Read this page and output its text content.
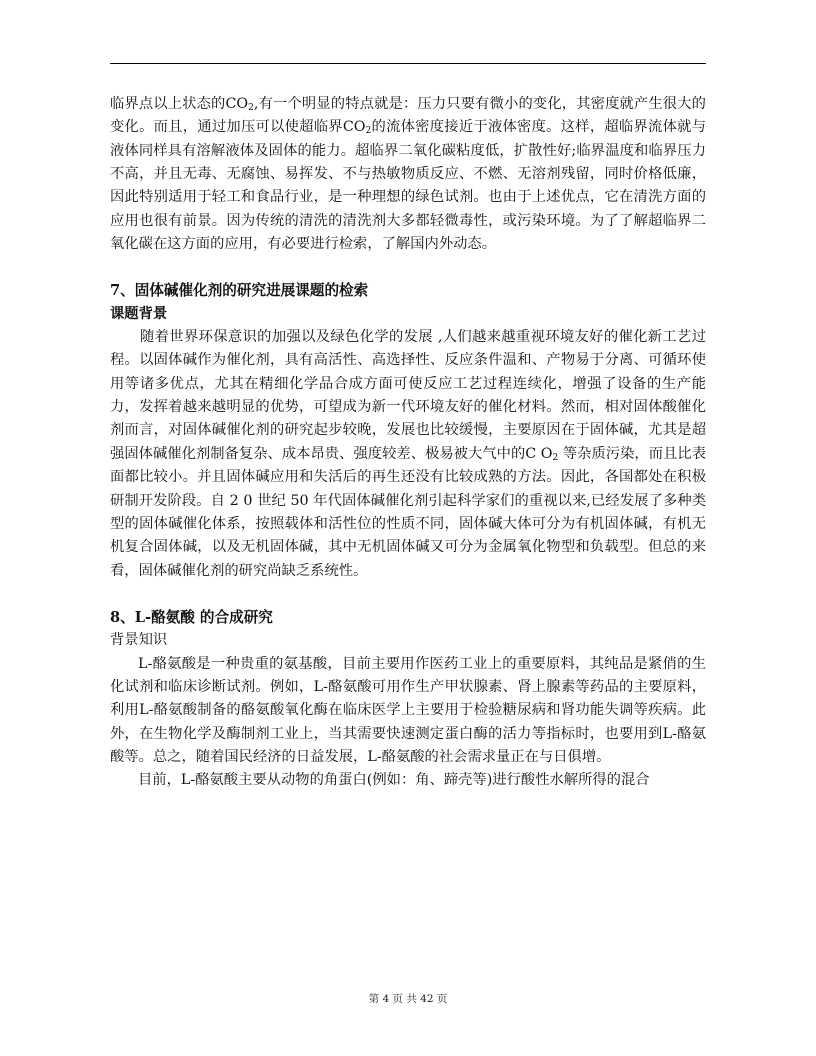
临界点以上状态的$CO_2$,有一个明显的特点就是：压力只要有微小的变化，其密度就产生很大的变化。而且，通过加压可以使超临界$CO_2$的流体密度接近于液体密度。这样，超临界流体就与液体同样具有溶解液体及固体的能力。超临界二氧化碳粘度低，扩散性好;临界温度和临界压力不高，并且无毒、无腐蚀、易挥发、不与热敏物质反应、不燃、无溶剂残留，同时价格低廉，因此特别适用于轻工和食品行业，是一种理想的绿色试剂。也由于上述优点，它在清洗方面的应用也很有前景。因为传统的清洗的清洗剂大多都轻微毒性，或污染环境。为了了解超临界二氧化碳在这方面的应用，有必要进行检索，了解国内外动态。

7、固体碱催化剂的研究进展课题的检索

课题背景

随着世界环保意识的加强以及绿色化学的发展 ,人们越来越重视环境友好的催化新工艺过程。以固体碱作为催化剂，具有高活性、高选择性、反应条件温和、产物易于分离、可循环使用等诸多优点，尤其在精细化学品合成方面可使反应工艺过程连续化，增强了设备的生产能力，发挥着越来越明显的优势，可望成为新一代环境友好的催化材料。然而，相对固体酸催化剂而言，对固体碱催化剂的研究起步较晚，发展也比较缓慢，主要原因在于固体碱，尤其是超强固体碱催化剂制备复杂、成本昂贵、强度较差、极易被大气中的C $O_2$ 等杂质污染，而且比表面都比较小。并且固体碱应用和失活后的再生还没有比较成熟的方法。因此，各国都处在积极研制开发阶段。自 2 0 世纪 50 年代固体碱催化剂引起科学家们的重视以来,已经发展了多种类型的固体碱催化体系，按照载体和活性位的性质不同，固体碱大体可分为有机固体碱，有机无机复合固体碱，以及无机固体碱，其中无机固体碱又可分为金属氧化物型和负载型。但总的来看，固体碱催化剂的研究尚缺乏系统性。

8、L-酪氨酸 的合成研究

背景知识

L-酪氨酸是一种贵重的氨基酸，目前主要用作医药工业上的重要原料，其纯品是紧俏的生化试剂和临床诊断试剂。例如，L-酪氨酸可用作生产甲状腺素、肾上腺素等药品的主要原料，利用L-酪氨酸制备的酪氨酸氧化酶在临床医学上主要用于检验糖尿病和肾功能失调等疾病。此外，在生物化学及酶制剂工业上，当其需要快速测定蛋白酶的活力等指标时，也要用到L-酪氨酸等。总之，随着国民经济的日益发展，L-酪氨酸的社会需求量正在与日俱增。

目前，L-酪氨酸主要从动物的角蛋白(例如：角、蹄壳等)进行酸性水解所得的混合

第 4 页 共 42 页
